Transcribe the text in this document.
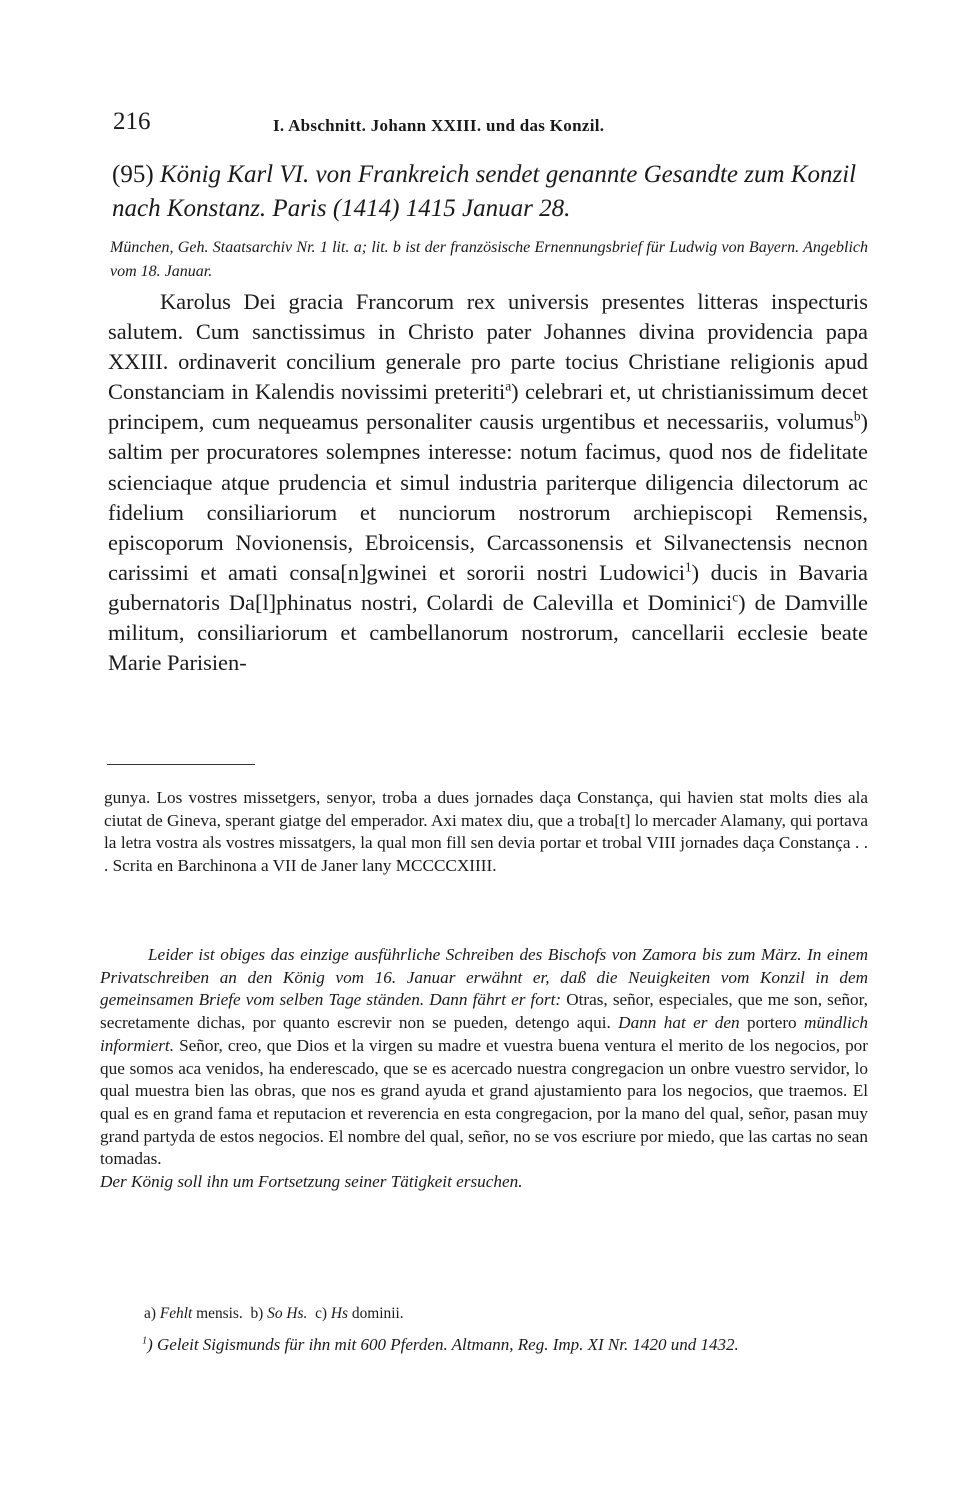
216	I. Abschnitt. Johann XXIII. und das Konzil.
(95) König Karl VI. von Frankreich sendet genannte Gesandte zum Konzil nach Konstanz. Paris (1414) 1415 Januar 28.
München, Geh. Staatsarchiv Nr. 1 lit. a; lit. b ist der französische Ernennungsbrief für Ludwig von Bayern. Angeblich vom 18. Januar.

Karolus Dei gracia Francorum rex universis presentes litteras inspecturis salutem. Cum sanctissimus in Christo pater Johannes divina providencia papa XXIII. ordinaverit concilium generale pro parte tocius Christiane religionis apud Constanciam in Kalendis novissimi preteriti$^a$) celebrari et, ut christianissimum decet principem, cum nequeamus personaliter causis urgentibus et necessariis, volumus$^b$) saltim per procuratores solempnes interesse: notum facimus, quod nos de fidelitate scienciaque atque prudencia et simul industria pariterque diligencia dilectorum ac fidelium consiliariorum et nunciorum nostrorum archiepiscopi Remensis, episcoporum Novionensis, Ebroicensis, Carcassonensis et Silvanectensis necnon carissimi et amati consa[n]gwinei et sororii nostri Ludowici$^1$) ducis in Bavaria gubernatoris Da[l]phinatus nostri, Colardi de Calevilla et Dominici$^c$) de Damville militum, consiliariorum et cambellanorum nostrorum, cancellarii ecclesie beate Marie Parisien-

gunya. Los vostres missetgers, senyor, troba a dues jornades daça Constança, qui havien stat molts dies ala ciutat de Gineva, sperant giatge del emperador. Axi matex diu, que a troba[t] lo mercader Alamany, qui portava la letra vostra als vostres missatgers, la qual mon fill sen devia portar et trobal VIII jornades daça Constança . . . Scrita en Barchinona a VII de Janer lany MCCCCXIIII.

Leider ist obiges das einzige ausführliche Schreiben des Bischofs von Zamora bis zum März. In einem Privatschreiben an den König vom 16. Januar erwähnt er, daß die Neuigkeiten vom Konzil in dem gemeinsamen Briefe vom selben Tage ständen. Dann fährt er fort: Otras, señor, especiales, que me son, señor, secretamente dichas, por quanto escrevir non se pueden, detengo aqui. Dann hat er den portero mündlich informiert. Señor, creo, que Dios et la virgen su madre et vuestra buena ventura el merito de los negocios, por que somos aca venidos, ha enderescado, que se es acercado nuestra congregacion un onbre vuestro servidor, lo qual muestra bien las obras, que nos es grand ayuda et grand ajustamiento para los negocios, que traemos. El qual es en grand fama et reputacion et reverencia en esta congregacion, por la mano del qual, señor, pasan muy grand partyda de estos negocios. El nombre del qual, señor, no se vos escriure por miedo, que las cartas no sean tomadas.
Der König soll ihn um Fortsetzung seiner Tätigkeit ersuchen.

a) Fehlt mensis. b) So Hs. c) Hs dominii.

$^1$) Geleit Sigismunds für ihn mit 600 Pferden. Altmann, Reg. Imp. XI Nr. 1420 und 1432.
